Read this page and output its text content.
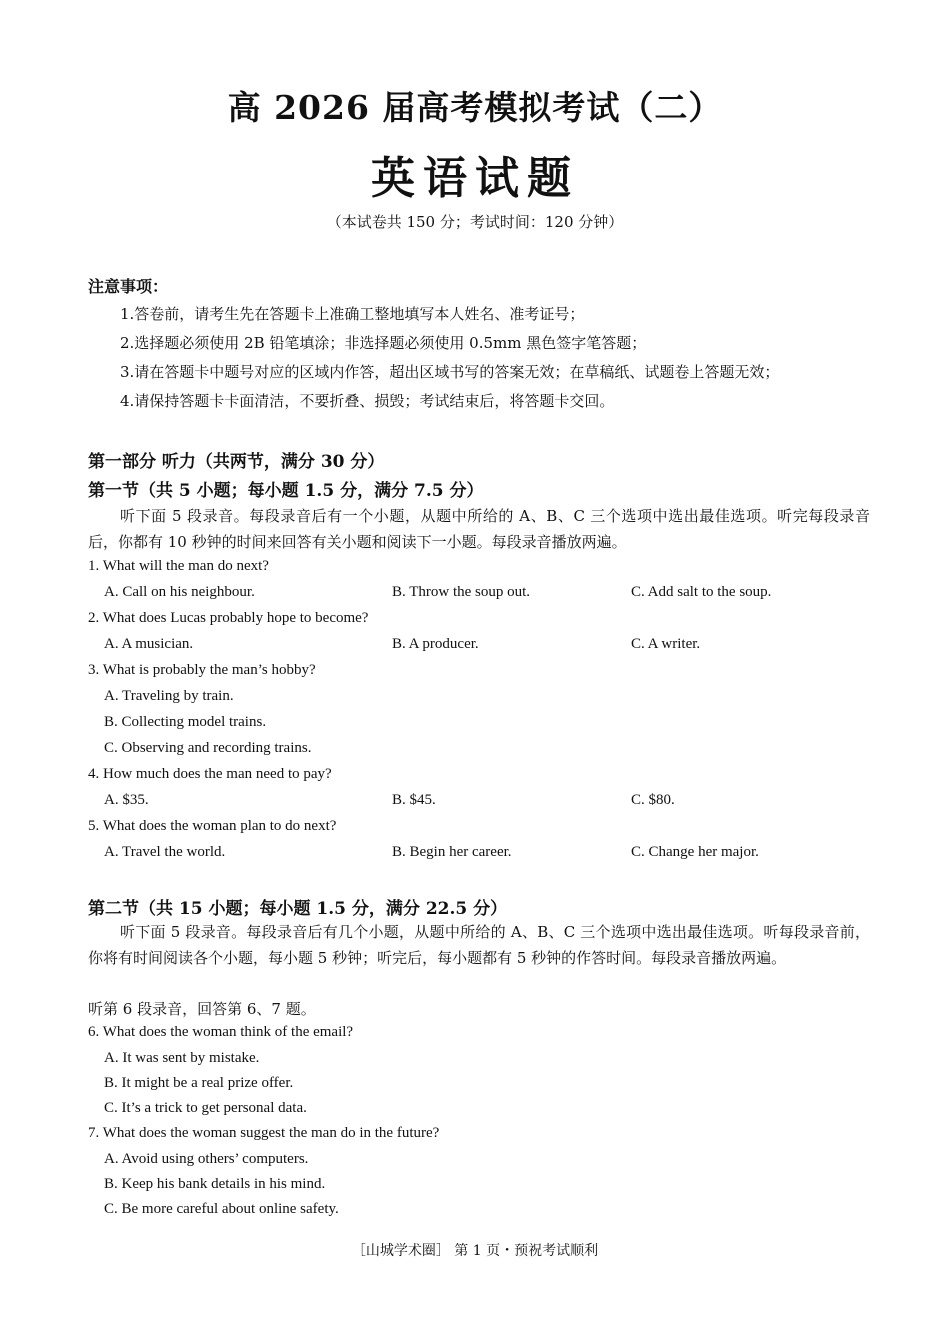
高 2026 届高考模拟考试（二）
英语试题
（本试卷共 150 分；考试时间：120 分钟）
注意事项：
1.答卷前，请考生先在答题卡上准确工整地填写本人姓名、准考证号；
2.选择题必须使用 2B 铅笔填涂；非选择题必须使用 0.5mm 黑色签字笔答题；
3.请在答题卡中题号对应的区域内作答，超出区域书写的答案无效；在草稿纸、试题卷上答题无效；
4.请保持答题卡卡面清洁，不要折叠、损毁；考试结束后，将答题卡交回。
第一部分 听力（共两节，满分 30 分）
第一节（共 5 小题；每小题 1.5 分，满分 7.5 分）
听下面 5 段录音。每段录音后有一个小题，从题中所给的 A、B、C 三个选项中选出最佳选项。听完每段录音后，你都有 10 秒钟的时间来回答有关小题和阅读下一小题。每段录音播放两遍。
1. What will the man do next?
A. Call on his neighbour.	B. Throw the soup out.	C. Add salt to the soup.
2. What does Lucas probably hope to become?
A. A musician.	B. A producer.	C. A writer.
3. What is probably the man’s hobby?
A. Traveling by train.
B. Collecting model trains.
C. Observing and recording trains.
4. How much does the man need to pay?
A. $35.	B. $45.	C. $80.
5. What does the woman plan to do next?
A. Travel the world.	B. Begin her career.	C. Change her major.
第二节（共 15 小题；每小题 1.5 分，满分 22.5 分）
听下面 5 段录音。每段录音后有几个小题，从题中所给的 A、B、C 三个选项中选出最佳选项。听每段录音前，你将有时间阅读各个小题，每小题 5 秒钟；听完后，每小题都有 5 秒钟的作答时间。每段录音播放两遍。
听第 6 段录音，回答第 6、7 题。
6. What does the woman think of the email?
A. It was sent by mistake.
B. It might be a real prize offer.
C. It’s a trick to get personal data.
7. What does the woman suggest the man do in the future?
A. Avoid using others’ computers.
B. Keep his bank details in his mind.
C. Be more careful about online safety.
［山城学术圈］ 第 1 页・预祝考试顺利
